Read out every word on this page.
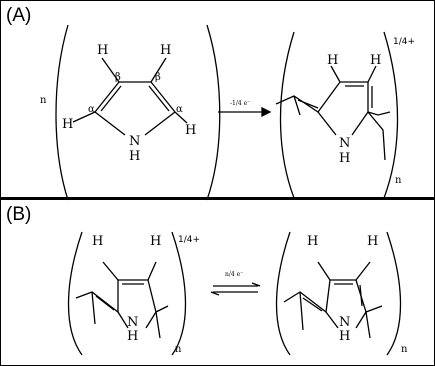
(A)
(B)
H	H
H	H
N
H
β	β
α	α
n	-1/4 e⁻
H H
N
H
1/4+
n
H	H
N
H
1/4+
n
n/4 e⁻
H	H
N
H
n
